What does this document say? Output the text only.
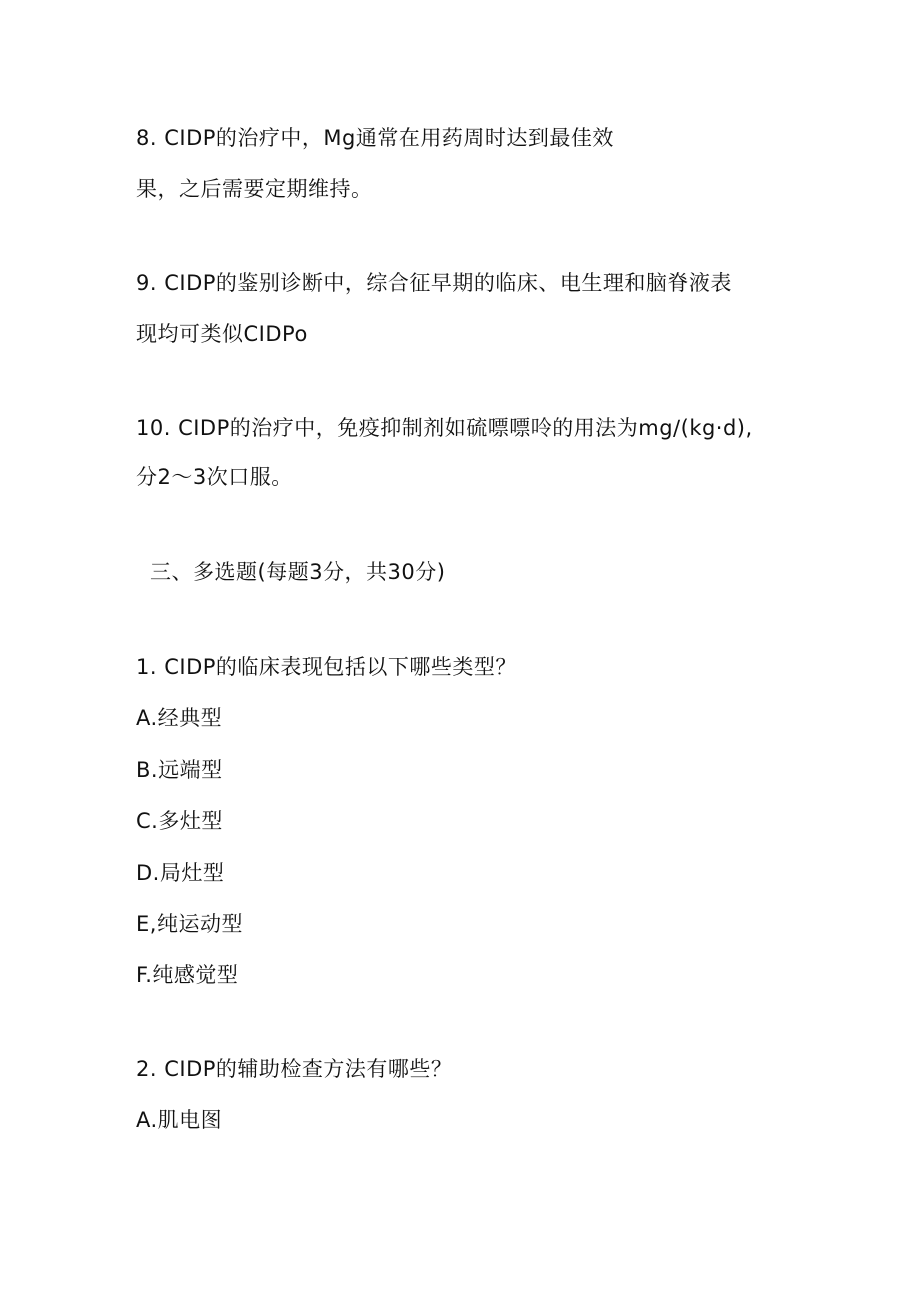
8. CIDP的治疗中，Mg通常在用药周时达到最佳效
果，之后需要定期维持。
9. CIDP的鉴别诊断中，综合征早期的临床、电生理和脑脊液表
现均可类似CIDPo
10. CIDP的治疗中，免疫抑制剂如硫嘌嘌呤的用法为mg∕(kg·d),
分2～3次口服。
三、多选题(每题3分，共30分)
1. CIDP的临床表现包括以下哪些类型？
A.经典型
B.远端型
C.多灶型
D.局灶型
E,纯运动型
F.纯感觉型
2. CIDP的辅助检查方法有哪些？
A.肌电图
